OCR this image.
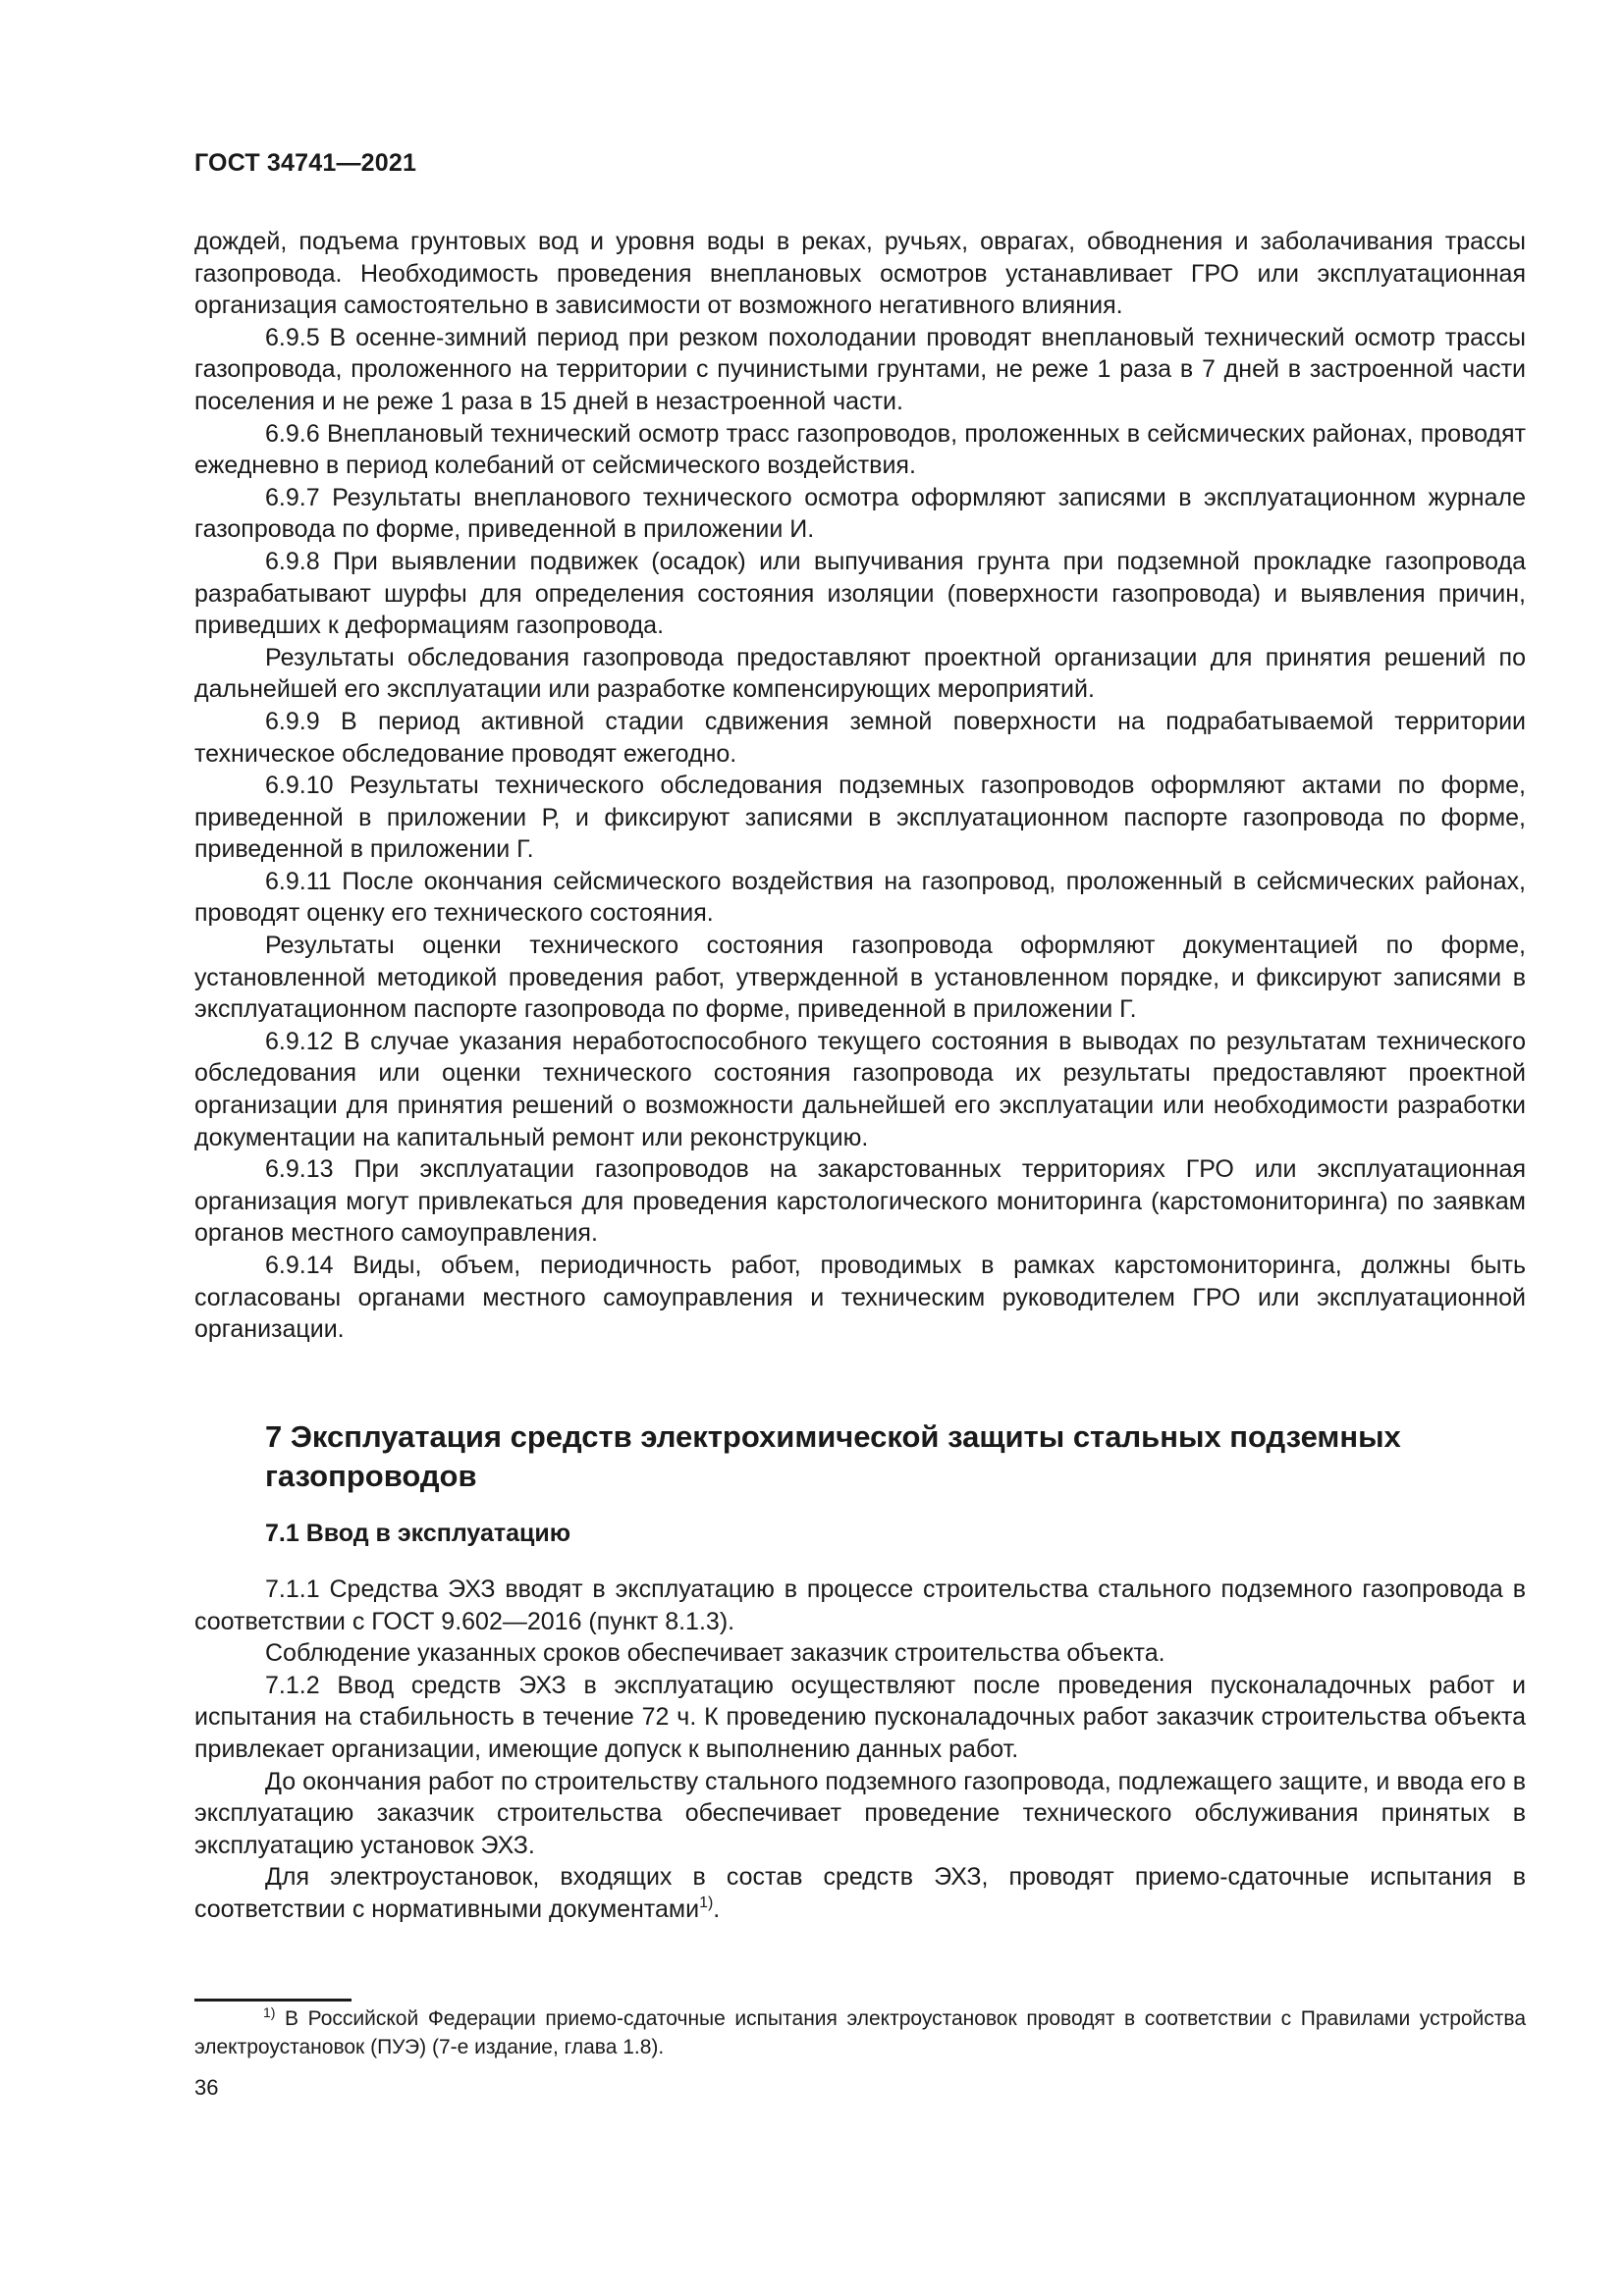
ГОСТ 34741—2021

дождей, подъема грунтовых вод и уровня воды в реках, ручьях, оврагах, обводнения и заболачивания трассы газопровода. Необходимость проведения внеплановых осмотров устанавливает ГРО или эксплуатационная организация самостоятельно в зависимости от возможного негативного влияния.

6.9.5 В осенне-зимний период при резком похолодании проводят внеплановый технический осмотр трассы газопровода, проложенного на территории с пучинистыми грунтами, не реже 1 раза в 7 дней в застроенной части поселения и не реже 1 раза в 15 дней в незастроенной части.

6.9.6 Внеплановый технический осмотр трасс газопроводов, проложенных в сейсмических районах, проводят ежедневно в период колебаний от сейсмического воздействия.

6.9.7 Результаты внепланового технического осмотра оформляют записями в эксплуатационном журнале газопровода по форме, приведенной в приложении И.

6.9.8 При выявлении подвижек (осадок) или выпучивания грунта при подземной прокладке газопровода разрабатывают шурфы для определения состояния изоляции (поверхности газопровода) и выявления причин, приведших к деформациям газопровода.

Результаты обследования газопровода предоставляют проектной организации для принятия решений по дальнейшей его эксплуатации или разработке компенсирующих мероприятий.

6.9.9 В период активной стадии сдвижения земной поверхности на подрабатываемой территории техническое обследование проводят ежегодно.

6.9.10 Результаты технического обследования подземных газопроводов оформляют актами по форме, приведенной в приложении Р, и фиксируют записями в эксплуатационном паспорте газопровода по форме, приведенной в приложении Г.

6.9.11 После окончания сейсмического воздействия на газопровод, проложенный в сейсмических районах, проводят оценку его технического состояния.

Результаты оценки технического состояния газопровода оформляют документацией по форме, установленной методикой проведения работ, утвержденной в установленном порядке, и фиксируют записями в эксплуатационном паспорте газопровода по форме, приведенной в приложении Г.

6.9.12 В случае указания неработоспособного текущего состояния в выводах по результатам технического обследования или оценки технического состояния газопровода их результаты предоставляют проектной организации для принятия решений о возможности дальнейшей его эксплуатации или необходимости разработки документации на капитальный ремонт или реконструкцию.

6.9.13 При эксплуатации газопроводов на закарстованных территориях ГРО или эксплуатационная организация могут привлекаться для проведения карстологического мониторинга (карстомониторинга) по заявкам органов местного самоуправления.

6.9.14 Виды, объем, периодичность работ, проводимых в рамках карстомониторинга, должны быть согласованы органами местного самоуправления и техническим руководителем ГРО или эксплуатационной организации.

7 Эксплуатация средств электрохимической защиты стальных подземных газопроводов
7.1 Ввод в эксплуатацию

7.1.1 Средства ЭХЗ вводят в эксплуатацию в процессе строительства стального подземного газопровода в соответствии с ГОСТ 9.602—2016 (пункт 8.1.3).

Соблюдение указанных сроков обеспечивает заказчик строительства объекта.

7.1.2 Ввод средств ЭХЗ в эксплуатацию осуществляют после проведения пусконаладочных работ и испытания на стабильность в течение 72 ч. К проведению пусконаладочных работ заказчик строительства объекта привлекает организации, имеющие допуск к выполнению данных работ.

До окончания работ по строительству стального подземного газопровода, подлежащего защите, и ввода его в эксплуатацию заказчик строительства обеспечивает проведение технического обслуживания принятых в эксплуатацию установок ЭХЗ.

Для электроустановок, входящих в состав средств ЭХЗ, проводят приемо-сдаточные испытания в соответствии с нормативными документами$^{1)}$.

$^{1)}$ В Российской Федерации приемо-сдаточные испытания электроустановок проводят в соответствии с Правилами устройства электроустановок (ПУЭ) (7-е издание, глава 1.8).
36
